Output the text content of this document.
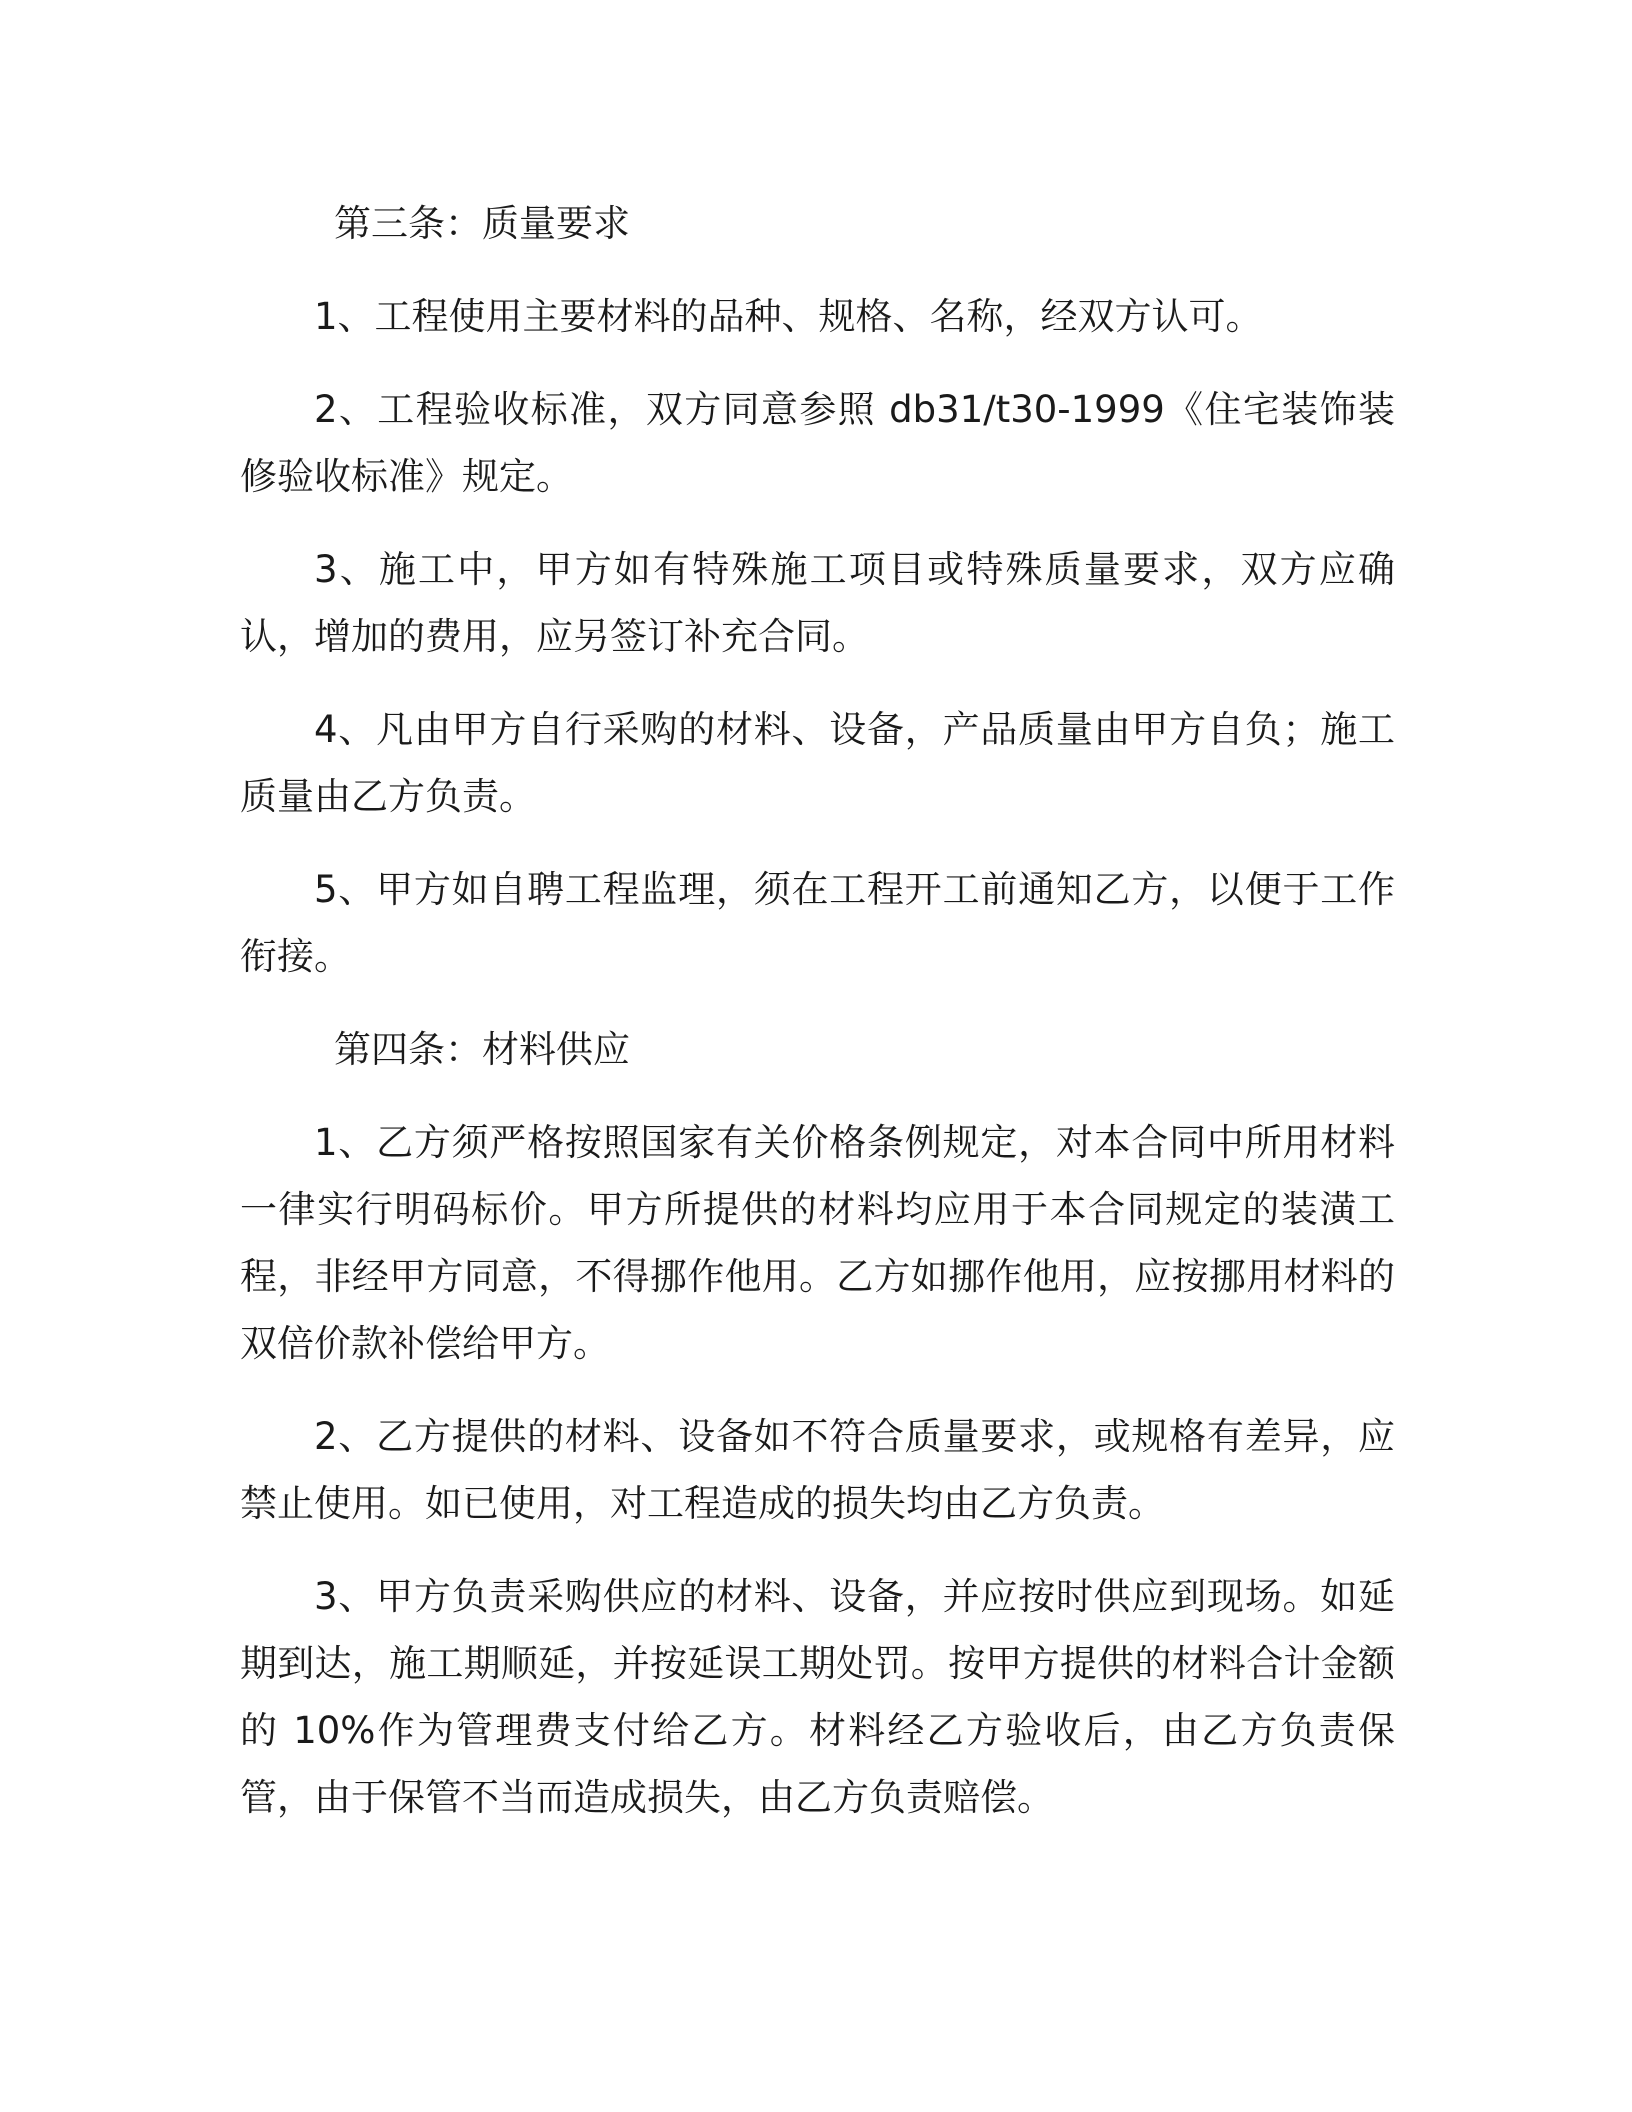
第三条：质量要求

1、工程使用主要材料的品种、规格、名称，经双方认可。

2、工程验收标准，双方同意参照 db31/t30-1999《住宅装饰装修验收标准》规定。

3、施工中，甲方如有特殊施工项目或特殊质量要求，双方应确认，增加的费用，应另签订补充合同。

4、凡由甲方自行采购的材料、设备，产品质量由甲方自负；施工质量由乙方负责。

5、甲方如自聘工程监理，须在工程开工前通知乙方，以便于工作衔接。

第四条：材料供应

1、乙方须严格按照国家有关价格条例规定，对本合同中所用材料一律实行明码标价。甲方所提供的材料均应用于本合同规定的装潢工程，非经甲方同意，不得挪作他用。乙方如挪作他用，应按挪用材料的双倍价款补偿给甲方。

2、乙方提供的材料、设备如不符合质量要求，或规格有差异，应禁止使用。如已使用，对工程造成的损失均由乙方负责。

3、甲方负责采购供应的材料、设备，并应按时供应到现场。如延期到达，施工期顺延，并按延误工期处罚。按甲方提供的材料合计金额的 10%作为管理费支付给乙方。材料经乙方验收后，由乙方负责保管，由于保管不当而造成损失，由乙方负责赔偿。
